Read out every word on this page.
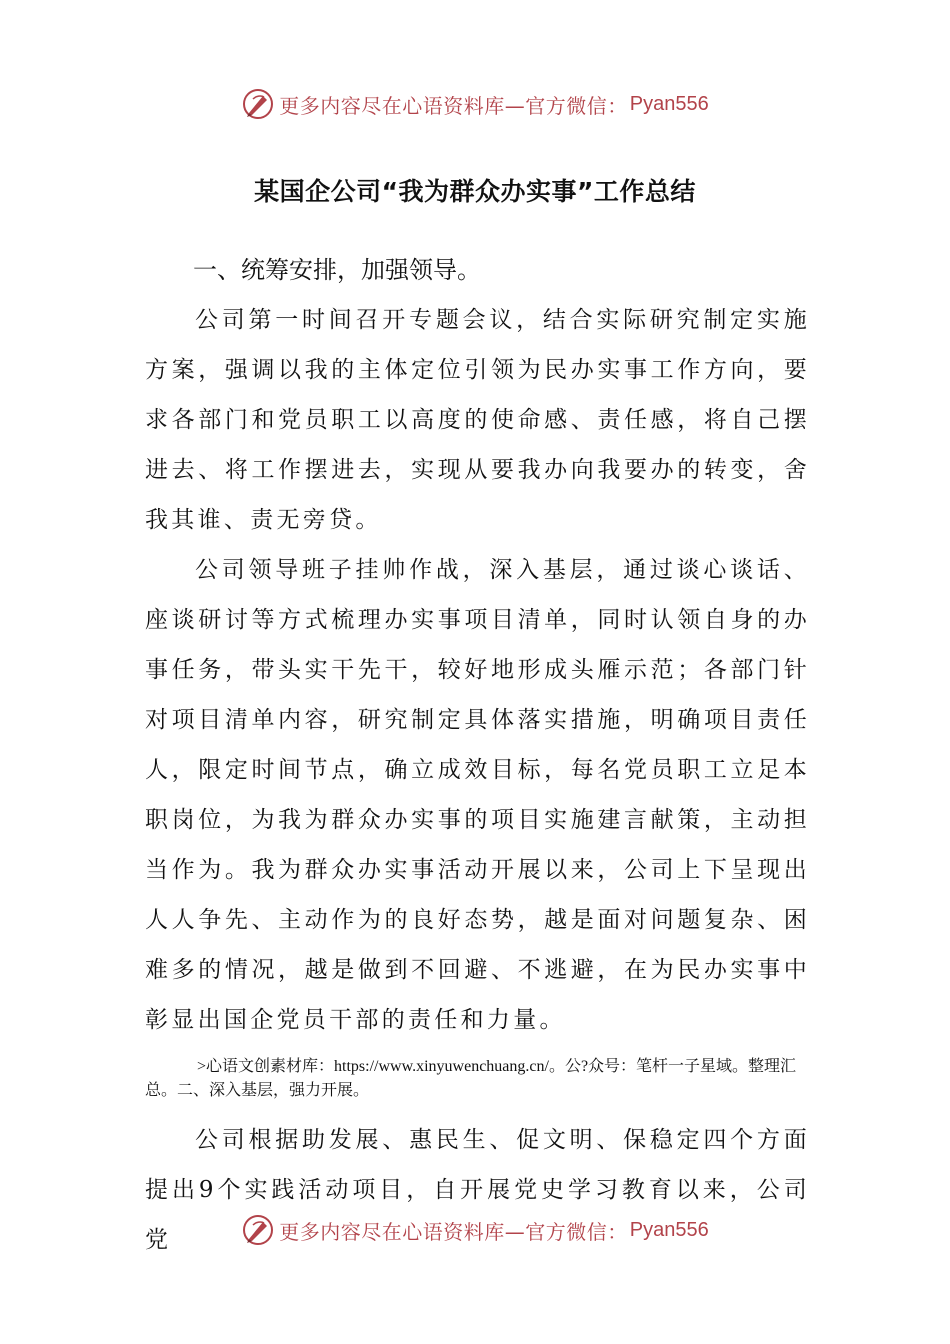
更多内容尽在心语资料库—官方微信： Pyan556
某国企公司“我为群众办实事”工作总结

一、统筹安排，加强领导。

公司第一时间召开专题会议，结合实际研究制定实施方案，强调以我的主体定位引领为民办实事工作方向，要求各部门和党员职工以高度的使命感、责任感，将自己摆进去、将工作摆进去，实现从要我办向我要办的转变，舍我其谁、责无旁贷。

公司领导班子挂帅作战，深入基层，通过谈心谈话、座谈研讨等方式梳理办实事项目清单，同时认领自身的办事任务，带头实干先干，较好地形成头雁示范；各部门针对项目清单内容，研究制定具体落实措施，明确项目责任人，限定时间节点，确立成效目标，每名党员职工立足本职岗位，为我为群众办实事的项目实施建言献策，主动担当作为。我为群众办实事活动开展以来，公司上下呈现出人人争先、主动作为的良好态势，越是面对问题复杂、困难多的情况，越是做到不回避、不逃避，在为民办实事中彰显出国企党员干部的责任和力量。

>心语文创素材库：https://www.xinyuwenchuang.cn/。公?众号：笔杆一子星域。整理汇总。二、深入基层，强力开展。

公司根据助发展、惠民生、促文明、保稳定四个方面提出9个实践活动项目，自开展党史学习教育以来，公司党	更多内容尽在心语资料库—官方微信： Pyan556
